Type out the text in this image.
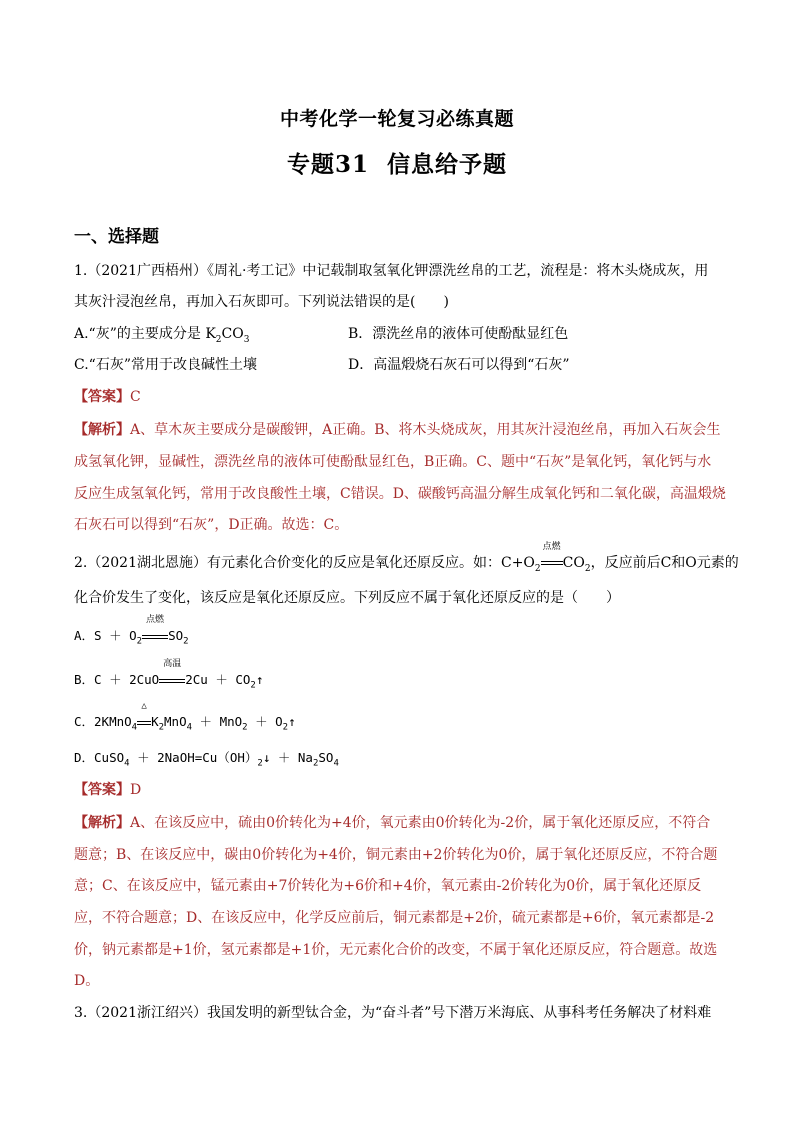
中考化学一轮复习必练真题
专题31 信息给予题
一、选择题
1.（2021广西梧州）《周礼·考工记》中记载制取氢氧化钾漂洗丝帛的工艺，流程是：将木头烧成灰，用
其灰汁浸泡丝帛，再加入石灰即可。下列说法错误的是(　　)
A.“灰”的主要成分是 $K_2CO_3$	B．漂洗丝帛的液体可使酚酞显红色
C.“石灰”常用于改良碱性土壤	D．高温煅烧石灰石可以得到“石灰”
【答案】C
【解析】A、草木灰主要成分是碳酸钾，A正确。B、将木头烧成灰，用其灰汁浸泡丝帛，再加入石灰会生
成氢氧化钾，显碱性，漂洗丝帛的液体可使酚酞显红色，B正确。C、题中“石灰”是氧化钙，氧化钙与水
反应生成氢氧化钙，常用于改良酸性土壤，C错误。D、碳酸钙高温分解生成氧化钙和二氧化碳，高温煅烧
石灰石可以得到“石灰”，D正确。故选：C。
2.（2021湖北恩施）有元素化合价变化的反应是氧化还原反应。如：$C+O_2$
点燃
$CO_2$，反应前后C和O元素的
化合价发生了变化，该反应是氧化还原反应。下列反应不属于氧化还原反应的是（　　）
A．$S + O_2$
点燃
$SO_2$
B．C ＋ 2CuO
高温
$2Cu + CO_2↑$
C．2KMnO$_4$
△
$K_2MnO_4 + MnO_2$ ＋ $O_2↑$
D．CuSO$_4$ ＋ $2NaOH=Cu(OH)_2↓ + Na_2SO_4$
【答案】D
【解析】A、在该反应中，硫由0价转化为+4价，氧元素由0价转化为-2价，属于氧化还原反应，不符合
题意；B、在该反应中，碳由0价转化为+4价，铜元素由+2价转化为0价，属于氧化还原反应，不符合题
意；C、在该反应中，锰元素由+7价转化为+6价和+4价，氧元素由-2价转化为0价，属于氧化还原反
应，不符合题意；D、在该反应中，化学反应前后，铜元素都是+2价，硫元素都是+6价，氧元素都是-2
价，钠元素都是+1价，氢元素都是+1价，无元素化合价的改变，不属于氧化还原反应，符合题意。故选
D。
3.（2021浙江绍兴）我国发明的新型钛合金，为“奋斗者”号下潜万米海底、从事科考任务解决了材料难
